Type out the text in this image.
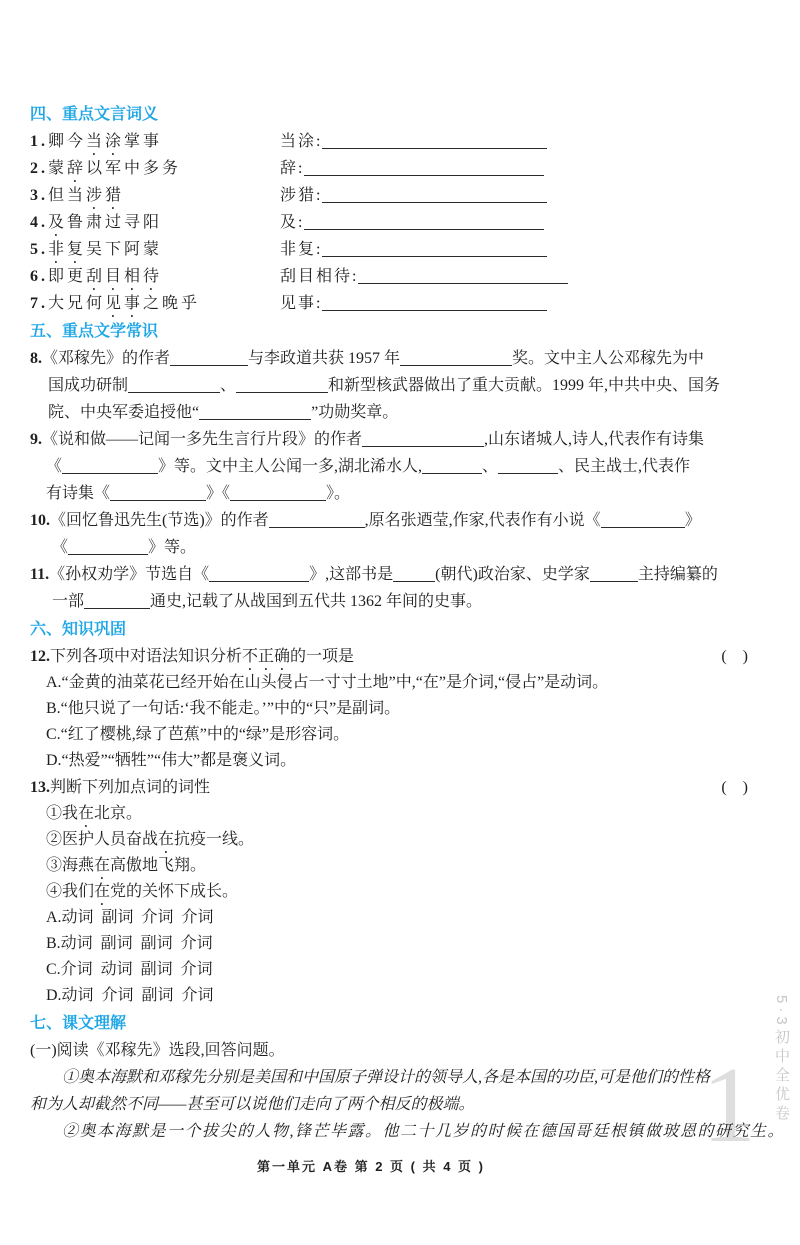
四、重点文言词义
1.卿今当涂掌事	当涂:
2.蒙辞以军中多务	辞:
3.但当涉猎	涉猎:
4.及鲁肃过寻阳	及:
5.非复吴下阿蒙	非复:
6.即更刮目相待	刮目相待:
7.大兄何见事之晚乎	见事:
五、重点文学常识
8.《邓稼先》的作者	与李政道共获 1957 年	奖。文中主人公邓稼先为中
国成功研制	、	和新型核武器做出了重大贡献。1999 年,中共中央、国务
院、中央军委追授他“	”功勋奖章。
9.《说和做——记闻一多先生言行片段》的作者	,山东诸城人,诗人,代表作有诗集
《	》等。文中主人公闻一多,湖北浠水人,	、	、民主战士,代表作
有诗集《	》《	》。
10.《回忆鲁迅先生(节选)》的作者	,原名张迺莹,作家,代表作有小说《	》
《	》等。
11.《孙权劝学》节选自《	》,这部书是	(朝代)政治家、史学家	主持编纂的
一部	通史,记载了从战国到五代共 1362 年间的史事。
六、知识巩固
12.下列各项中对语法知识分析不正确的一项是	(    )
A.“金黄的油菜花已经开始在山头侵占一寸寸土地”中,“在”是介词,“侵占”是动词。
B.“他只说了一句话:‘我不能走。’”中的“只”是副词。
C.“红了樱桃,绿了芭蕉”中的“绿”是形容词。
D.“热爱”“牺牲”“伟大”都是褒义词。
13.判断下列加点词的词性	(    )
①我在北京。
②医护人员奋战在抗疫一线。
③海燕在高傲地飞翔。
④我们在党的关怀下成长。
A.动词  副词  介词  介词
B.动词  副词  副词  介词
C.介词  动词  副词  介词
D.动词  介词  副词  介词
七、课文理解
(一)阅读《邓稼先》选段,回答问题。
①奥本海默和邓稼先分别是美国和中国原子弹设计的领导人,各是本国的功臣,可是他们的性格
和为人却截然不同——甚至可以说他们走向了两个相反的极端。
②奥本海默是一个拔尖的人物,锋芒毕露。他二十几岁的时候在德国哥廷根镇做玻恩的研究生。
第一单元 A卷 第 2 页 ( 共 4 页 )
5·3初中全优卷
1
